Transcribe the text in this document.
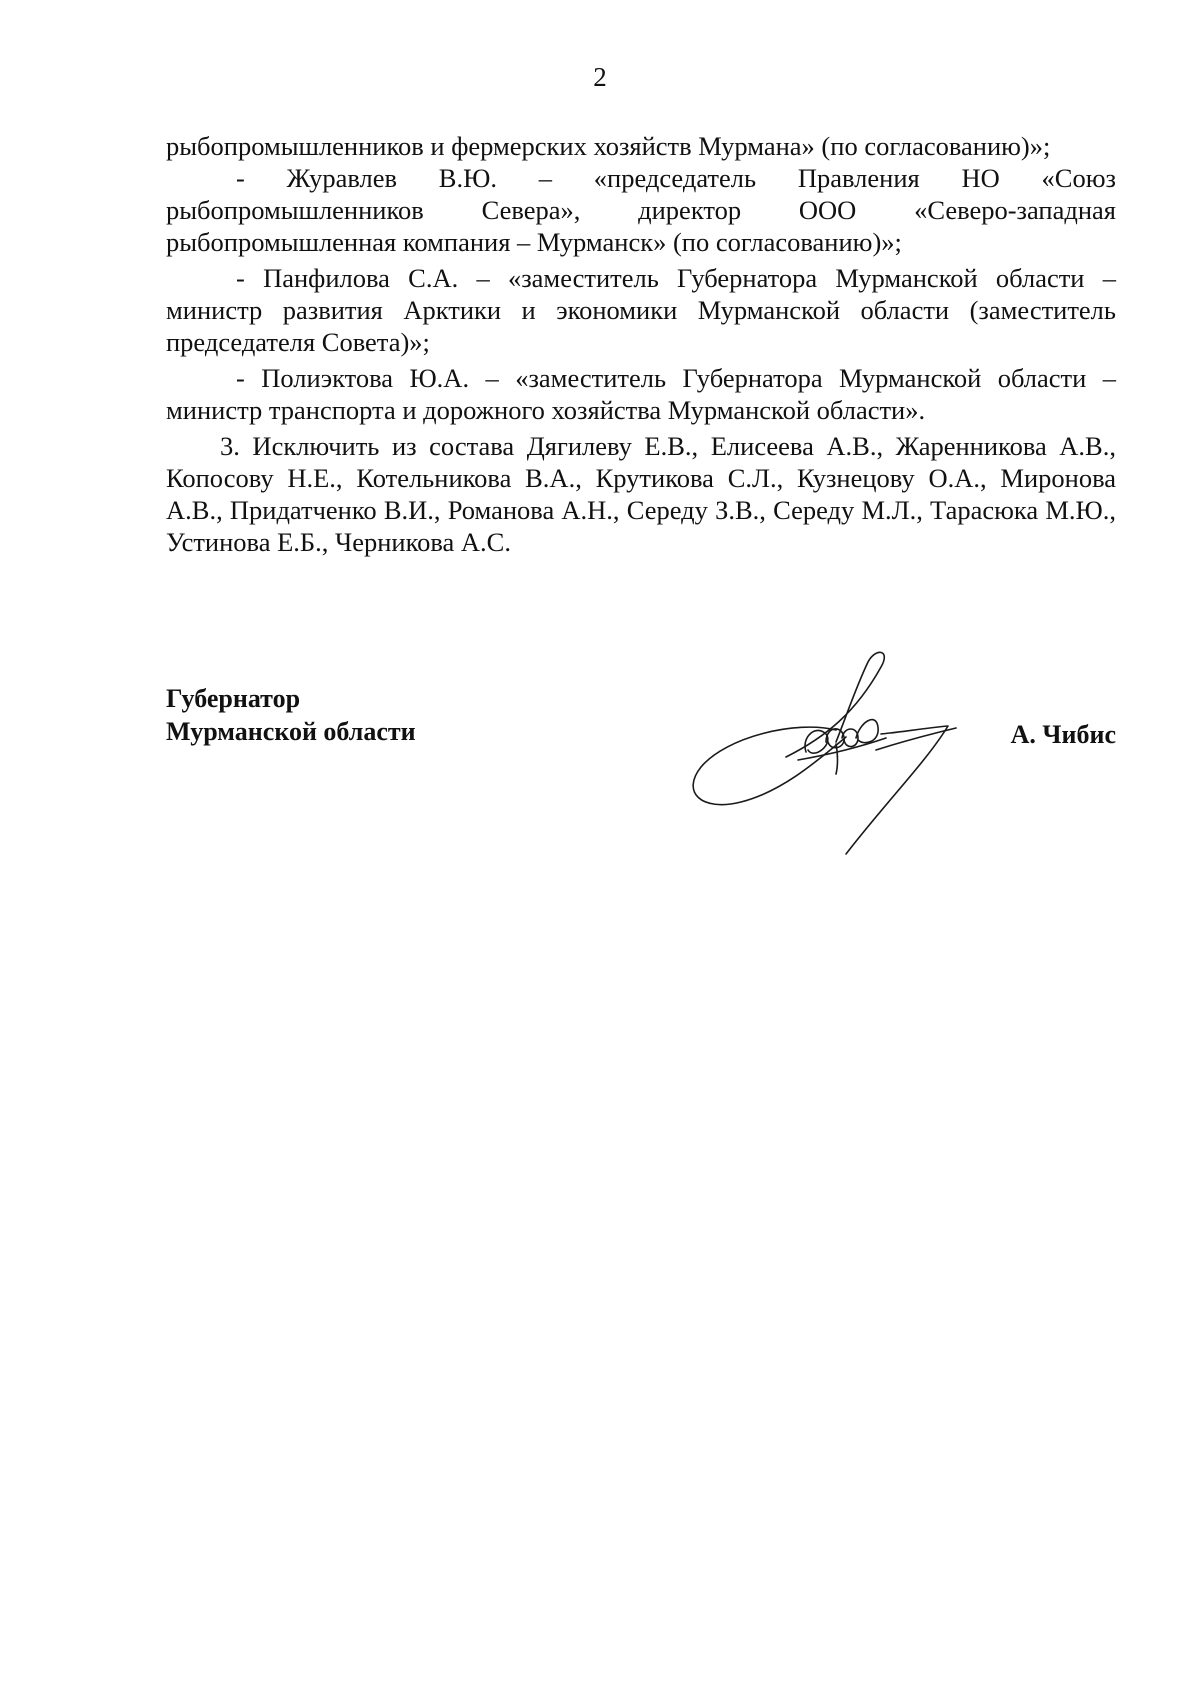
2

рыбопромышленников и фермерских хозяйств Мурмана» (по согласованию)»;

- Журавлев В.Ю. – «председатель Правления НО «Союз рыбопромышленников Севера», директор ООО «Северо-западная рыбопромышленная компания – Мурманск» (по согласованию)»;

- Панфилова С.А. – «заместитель Губернатора Мурманской области – министр развития Арктики и экономики Мурманской области (заместитель председателя Совета)»;

- Полиэктова Ю.А. – «заместитель Губернатора Мурманской области – министр транспорта и дорожного хозяйства Мурманской области».

3. Исключить из состава Дягилеву Е.В., Елисеева А.В., Жаренникова А.В., Копосову Н.Е., Котельникова В.А., Крутикова С.Л., Кузнецову О.А., Миронова А.В., Придатченко В.И., Романова А.Н., Середу З.В., Середу М.Л., Тарасюка М.Ю., Устинова Е.Б., Черникова А.С.

Губернатор
Мурманской области	А. Чибис
